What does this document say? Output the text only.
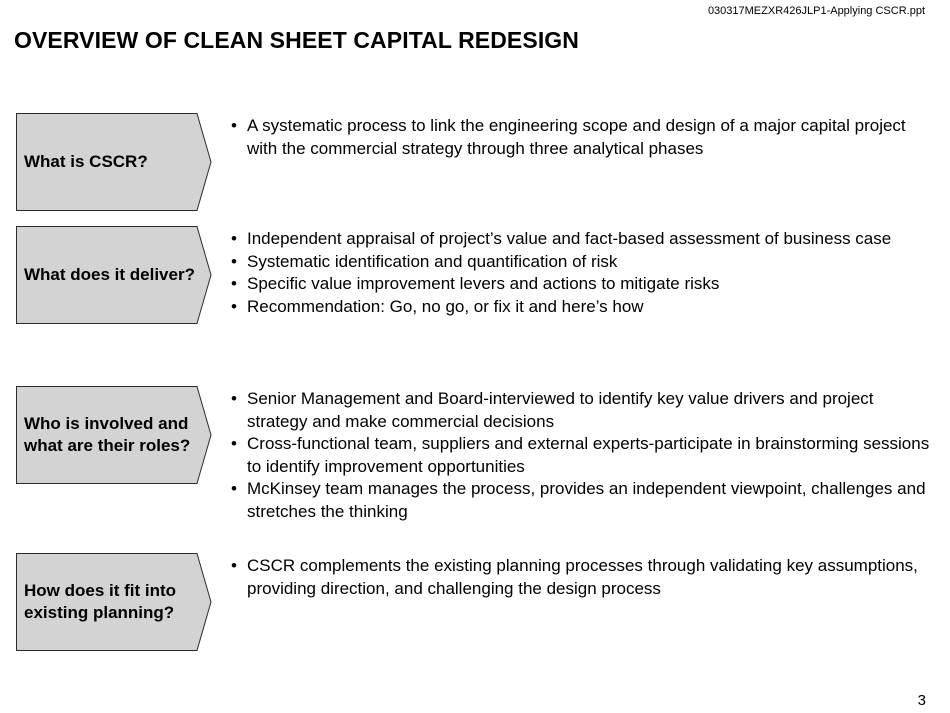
030317MEZXR426JLP1-Applying CSCR.ppt
OVERVIEW OF CLEAN SHEET CAPITAL REDESIGN
What is CSCR?
• A systematic process to link the engineering scope and design of a major capital project with the commercial strategy through three analytical phases
What does it deliver?
• Independent appraisal of project’s value and fact-based assessment of business case
• Systematic identification and quantification of risk
• Specific value improvement levers and actions to mitigate risks
• Recommendation: Go, no go, or fix it and here’s how
Who is involved and what are their roles?
• Senior Management and Board-interviewed to identify key value drivers and project strategy and make commercial decisions
• Cross-functional team, suppliers and external experts-participate in brainstorming sessions to identify improvement opportunities
• McKinsey team manages the process, provides an independent viewpoint, challenges and stretches the thinking
How does it fit into existing planning?
• CSCR complements the existing planning processes through validating key assumptions, providing direction, and challenging the design process
3
